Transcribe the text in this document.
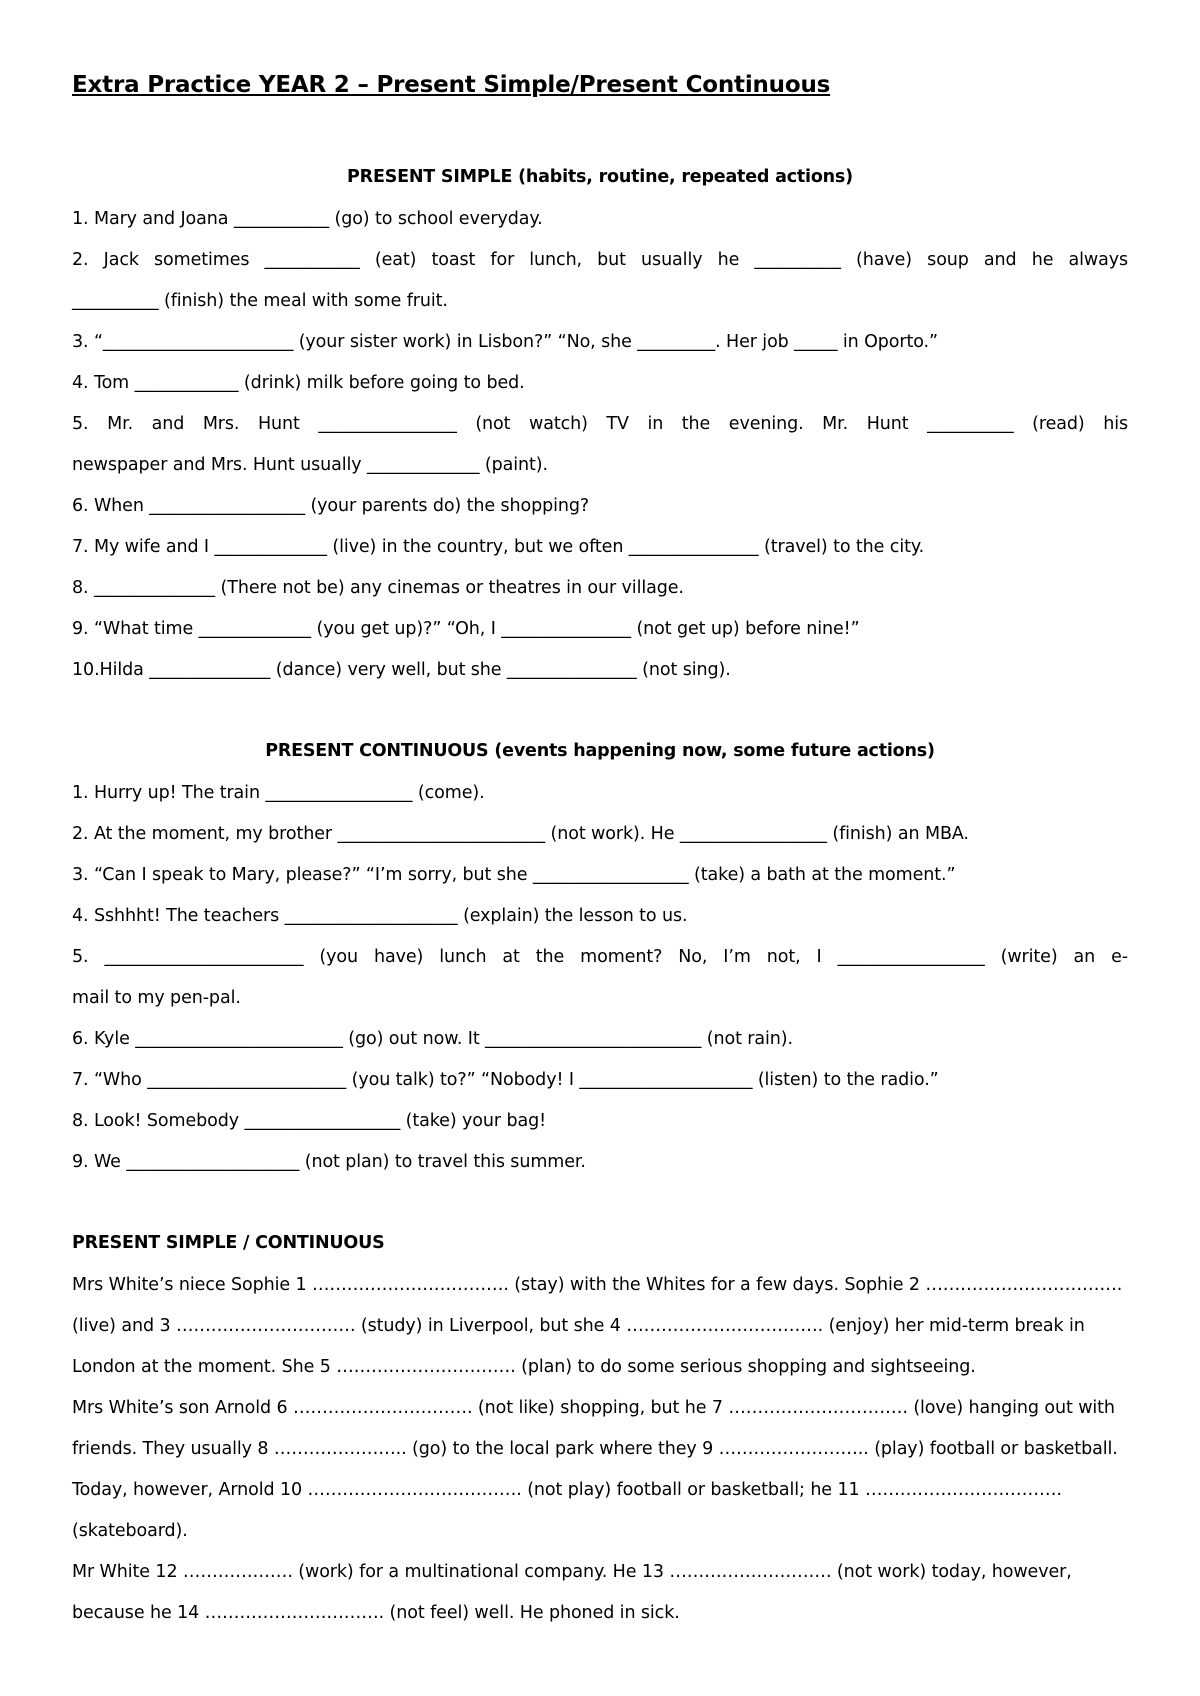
Extra Practice YEAR 2 – Present Simple/Present Continuous
PRESENT SIMPLE (habits, routine, repeated actions)
1. Mary and Joana ___________ (go) to school everyday.
2. Jack sometimes ___________ (eat) toast for lunch, but usually he __________ (have) soup and he always
__________ (finish) the meal with some fruit.
3. “______________________ (your sister work) in Lisbon?” “No, she _________. Her job _____ in Oporto.”
4. Tom ____________ (drink) milk before going to bed.
5. Mr. and Mrs. Hunt ________________ (not watch) TV in the evening. Mr. Hunt __________ (read) his
newspaper and Mrs. Hunt usually _____________ (paint).
6. When __________________ (your parents do) the shopping?
7. My wife and I _____________ (live) in the country, but we often _______________ (travel) to the city.
8. ______________ (There not be) any cinemas or theatres in our village.
9. “What time _____________ (you get up)?” “Oh, I _______________ (not get up) before nine!”
10.Hilda ______________ (dance) very well, but she _______________ (not sing).
PRESENT CONTINUOUS (events happening now, some future actions)
1. Hurry up! The train _________________ (come).
2. At the moment, my brother ________________________ (not work). He _________________ (finish) an MBA.
3. “Can I speak to Mary, please?” “I’m sorry, but she __________________ (take) a bath at the moment.”
4. Sshhht! The teachers ____________________ (explain) the lesson to us.
5. _______________________ (you have) lunch at the moment? No, I’m not, I _________________ (write) an e-
mail to my pen-pal.
6. Kyle ________________________ (go) out now. It _________________________ (not rain).
7. “Who _______________________ (you talk) to?” “Nobody! I ____________________ (listen) to the radio.”
8. Look! Somebody __________________ (take) your bag!
9. We ____________________ (not plan) to travel this summer.
PRESENT SIMPLE / CONTINUOUS
Mrs White’s niece Sophie 1 ……………………………. (stay) with the Whites for a few days. Sophie 2 …………………………….
(live) and 3 …………………………. (study) in Liverpool, but she 4 ……………………………. (enjoy) her mid-term break in
London at the moment. She 5 …………………………. (plan) to do some serious shopping and sightseeing.
Mrs White’s son Arnold 6 …………………………. (not like) shopping, but he 7 …………………………. (love) hanging out with
friends. They usually 8 ………………….. (go) to the local park where they 9 …………………….. (play) football or basketball.
Today, however, Arnold 10 ………………………………. (not play) football or basketball; he 11 …………………………….
(skateboard).
Mr White 12 ………………. (work) for a multinational company. He 13 ………………………. (not work) today, however,
because he 14 …………………………. (not feel) well. He phoned in sick.
